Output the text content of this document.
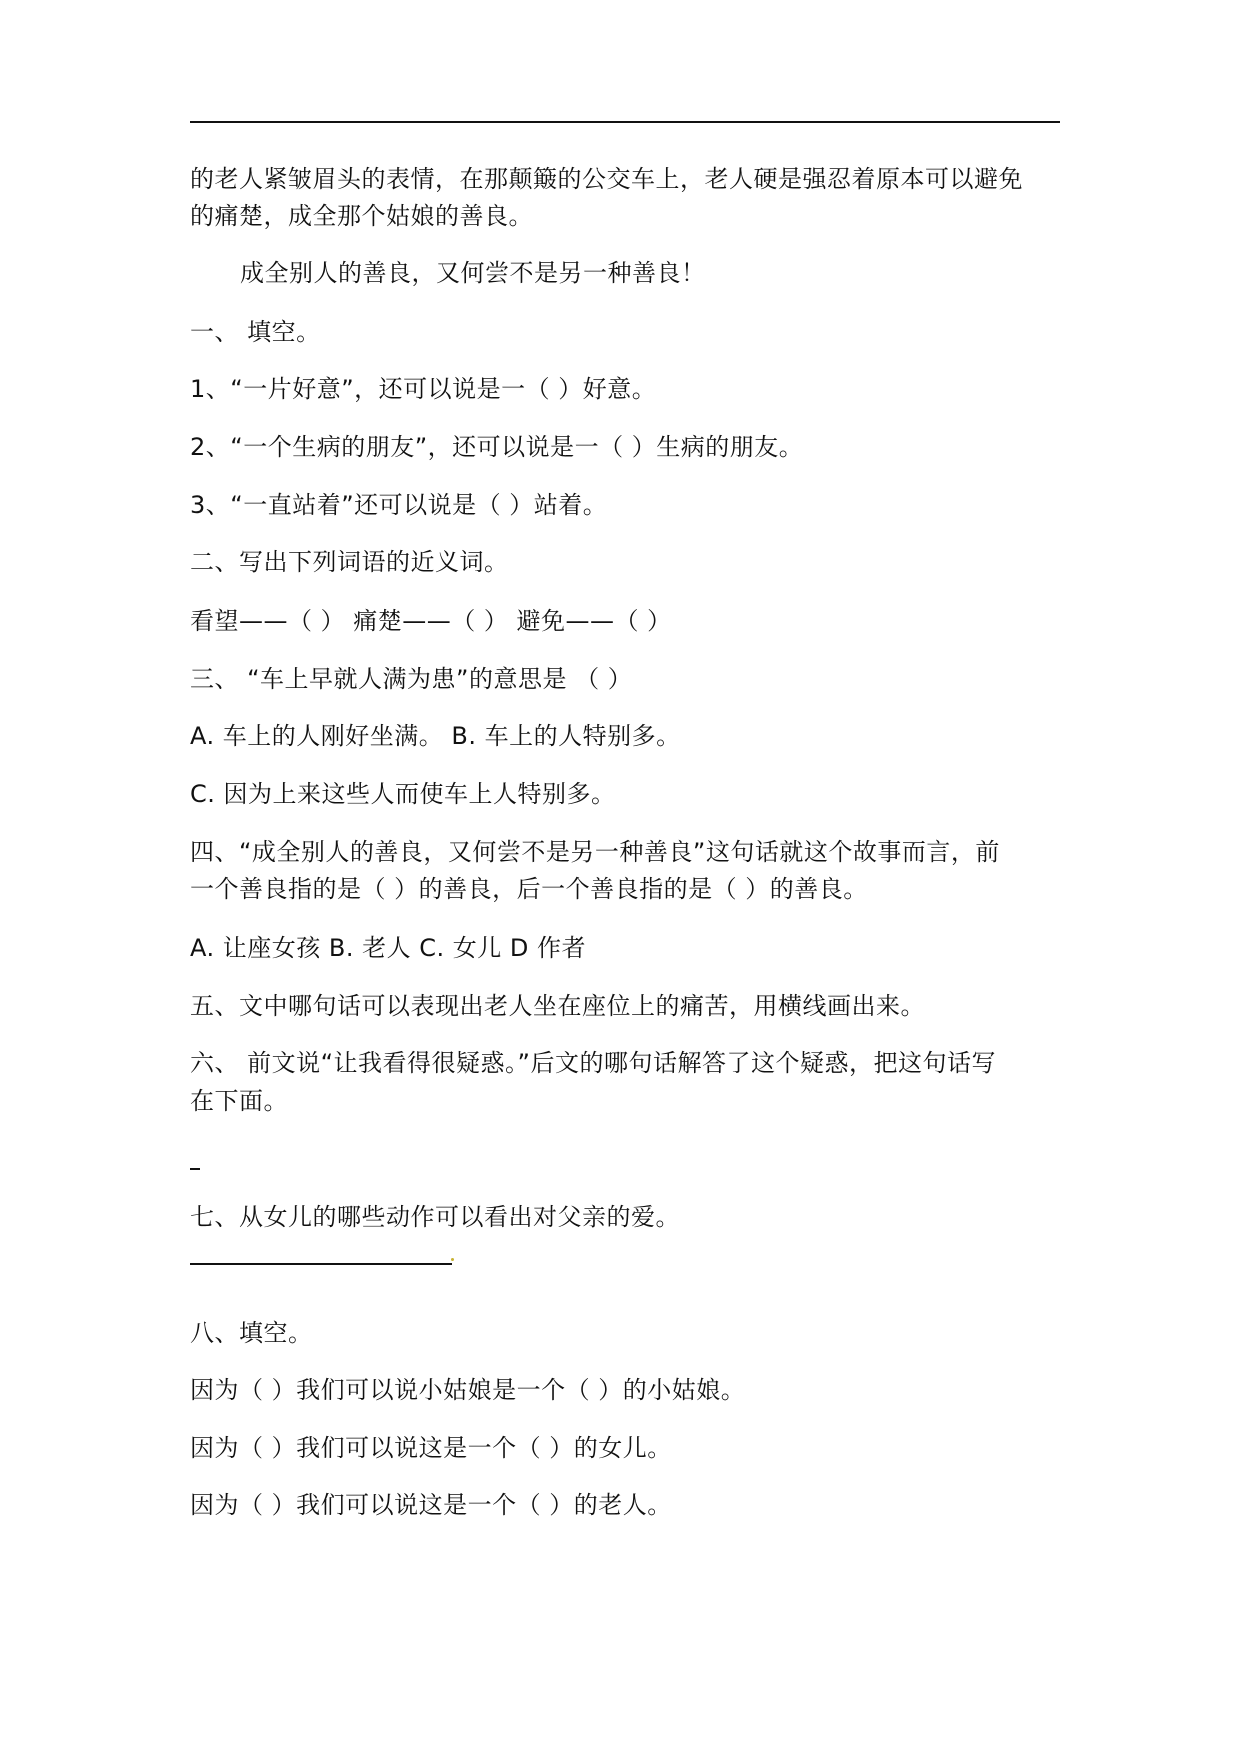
的老人紧皱眉头的表情，在那颠簸的公交车上，老人硬是强忍着原本可以避免
的痛楚，成全那个姑娘的善良。
成全别人的善良，又何尝不是另一种善良！
一、 填空。
1、“一片好意”，还可以说是一（ ）好意。
2、“一个生病的朋友”，还可以说是一（ ）生病的朋友。
3、“一直站着”还可以说是（ ）站着。
二、写出下列词语的近义词。
看望——（ ） 痛楚——（ ） 避免——（ ）
三、 “车上早就人满为患”的意思是 （ ）
A. 车上的人刚好坐满。 B. 车上的人特别多。
C. 因为上来这些人而使车上人特别多。
四、“成全别人的善良，又何尝不是另一种善良”这句话就这个故事而言，前
一个善良指的是（ ）的善良，后一个善良指的是（ ）的善良。
A. 让座女孩 B. 老人 C. 女儿 D 作者
五、文中哪句话可以表现出老人坐在座位上的痛苦，用横线画出来。
六、 前文说“让我看得很疑惑。”后文的哪句话解答了这个疑惑，把这句话写
在下面。
七、从女儿的哪些动作可以看出对父亲的爱。
八、填空。
因为（ ）我们可以说小姑娘是一个（ ）的小姑娘。
因为（ ）我们可以说这是一个（ ）的女儿。
因为（ ）我们可以说这是一个（ ）的老人。
